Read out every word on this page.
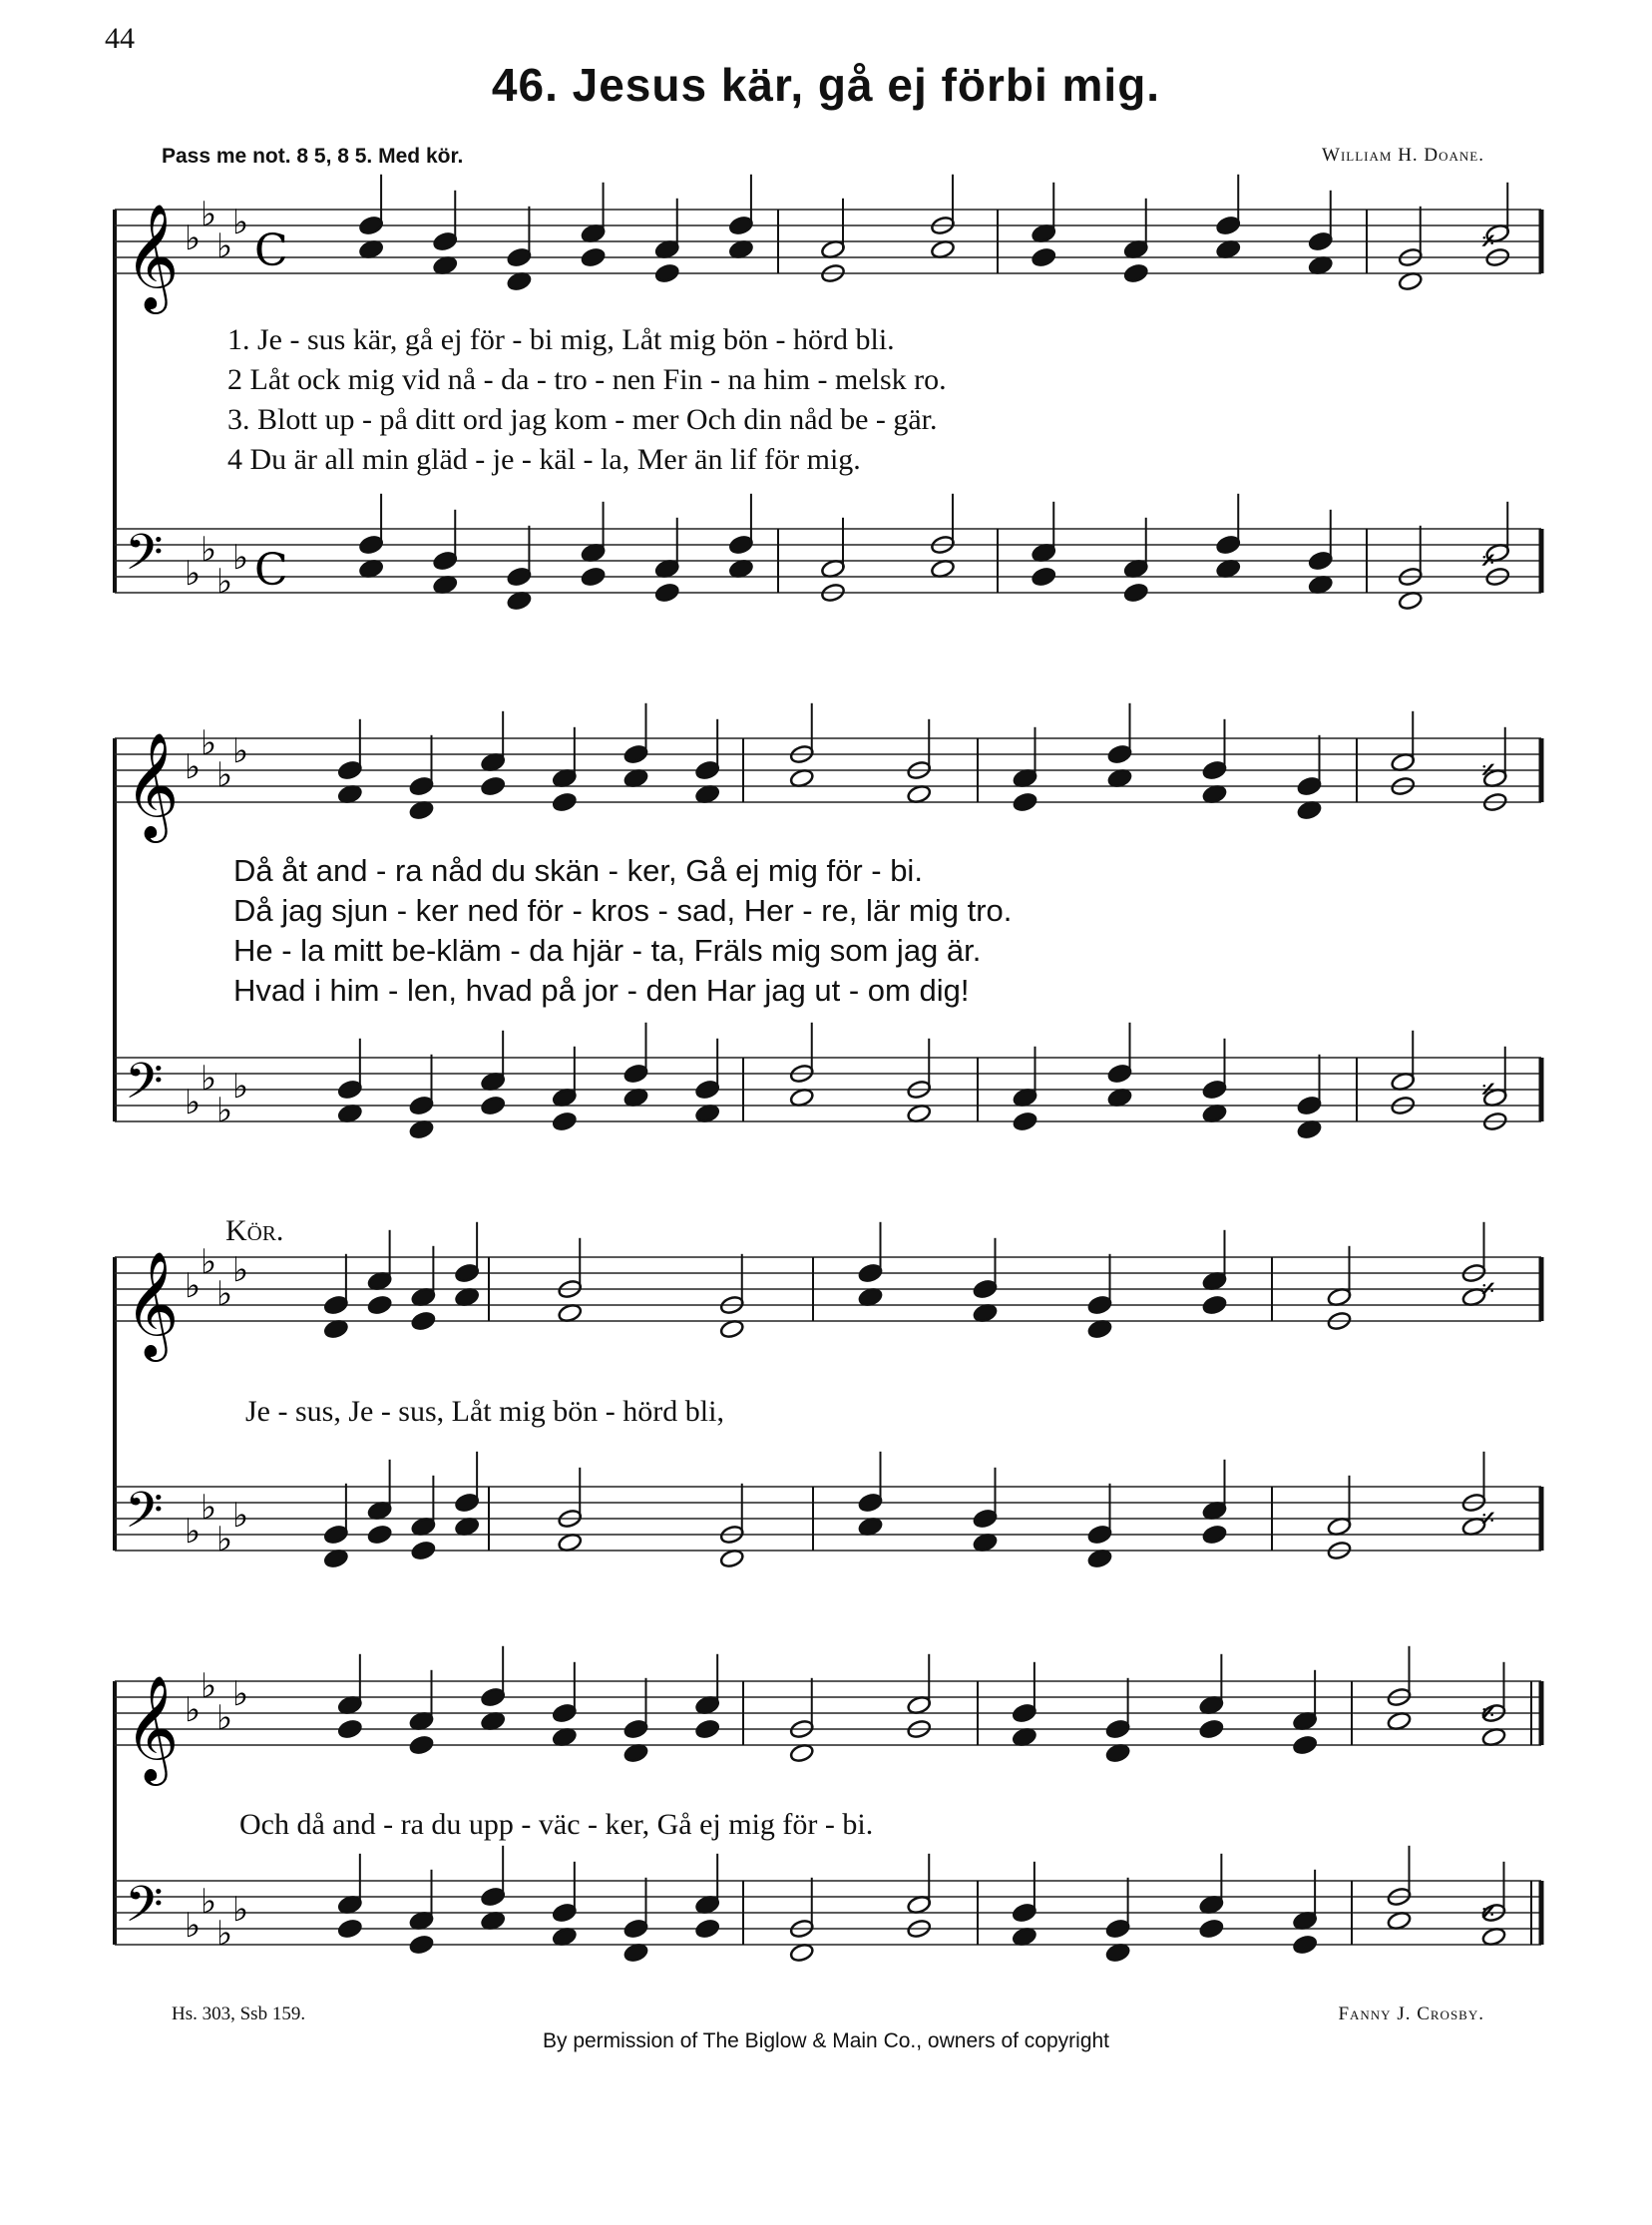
44
46. Jesus kär, gå ej förbi mig.
Pass me not. 8 5, 8 5. Med kör.	William H. Doane.
𝄞 ♭
♭
♭
♭
C	𝄎
𝄢 ♭
♭
♭
♭ C	𝄎
1. Je - sus kär, gå ej för - bi mig, Låt mig bön - hörd bli.
2 Låt ock mig vid nå - da - tro - nen Fin - na him - melsk ro.
3. Blott up - på ditt ord jag kom - mer Och din nåd be - gär.
4 Du är all min gläd - je - käl - la, Mer än lif för mig.
𝄞 ♭
♭
♭
♭	𝄎
𝄢 ♭
♭
♭
♭	𝄎
Då åt and - ra nåd du skän - ker, Gå ej mig för - bi.
Då jag sjun - ker ned för - kros - sad, Her - re, lär mig tro.
He - la mitt be-kläm - da hjär - ta, Fräls mig som jag är.
Hvad i him - len, hvad på jor - den Har jag ut - om dig!
Kör.
𝄞 ♭
♭
♭
♭	𝄎
𝄢 ♭
♭
♭
♭	𝄎
Je - sus, Je - sus, Låt mig bön - hörd bli,
𝄞 ♭
♭
♭
♭	𝄎
𝄢 ♭
♭
♭
♭	𝄎
Och då and - ra du upp - väc - ker, Gå ej mig för - bi.
Hs. 303, Ssb 159.	Fanny J. Crosby.
By permission of The Biglow & Main Co., owners of copyright
